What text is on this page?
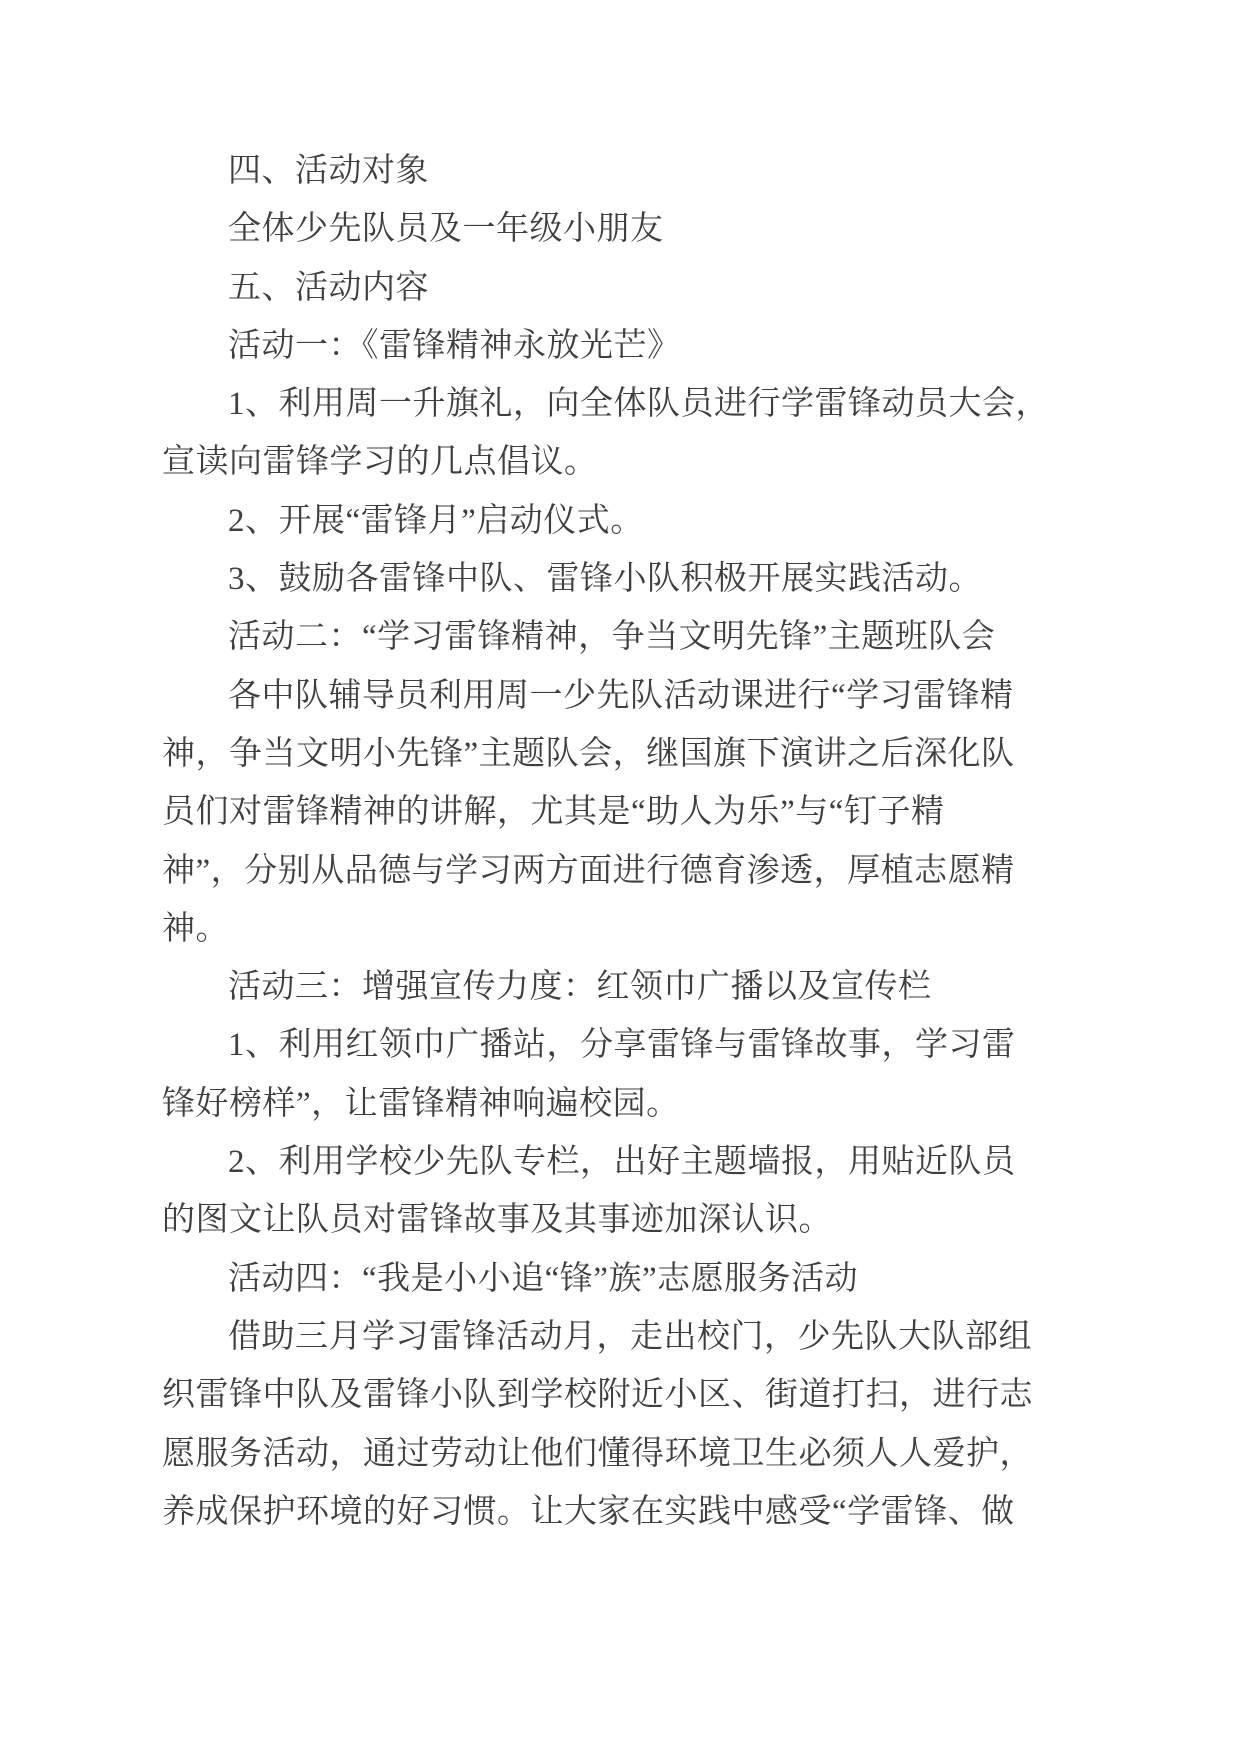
四、活动对象
全体少先队员及一年级小朋友
五、活动内容
活动一：《雷锋精神永放光芒》
1、利用周一升旗礼，向全体队员进行学雷锋动员大会，
宣读向雷锋学习的几点倡议。
2、开展“雷锋月”启动仪式。
3、鼓励各雷锋中队、雷锋小队积极开展实践活动。
活动二：“学习雷锋精神，争当文明先锋”主题班队会
各中队辅导员利用周一少先队活动课进行“学习雷锋精
神，争当文明小先锋”主题队会，继国旗下演讲之后深化队
员们对雷锋精神的讲解，尤其是“助人为乐”与“钉子精
神”，分别从品德与学习两方面进行德育渗透，厚植志愿精
神。
活动三：增强宣传力度：红领巾广播以及宣传栏
1、利用红领巾广播站，分享雷锋与雷锋故事，学习雷
锋好榜样”，让雷锋精神响遍校园。
2、利用学校少先队专栏，出好主题墙报，用贴近队员
的图文让队员对雷锋故事及其事迹加深认识。
活动四：“我是小小追“锋”族”志愿服务活动
借助三月学习雷锋活动月，走出校门，少先队大队部组
织雷锋中队及雷锋小队到学校附近小区、街道打扫，进行志
愿服务活动，通过劳动让他们懂得环境卫生必须人人爱护，
养成保护环境的好习惯。让大家在实践中感受“学雷锋、做
